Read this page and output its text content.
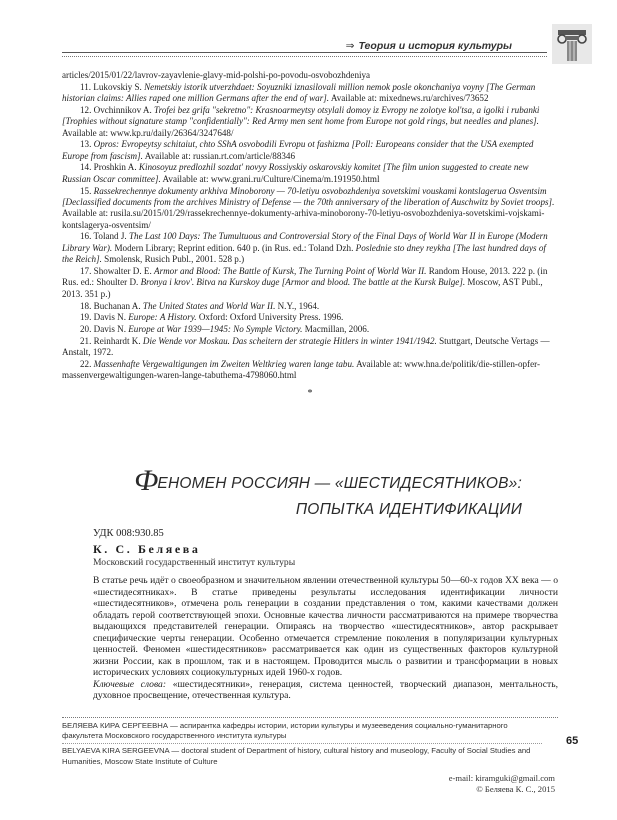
⇒ Теория и история культуры

articles/2015/01/22/lavrov-zayavlenie-glavy-mid-polshi-po-povodu-osvobozhdeniya

11. Lukovskiy S. Nemetskiy istorik utverzhdaet: Soyuzniki iznasilovali million nemok posle okonchaniya voyny [The German historian claims: Allies raped one million Germans after the end of war]. Available at: mixednews.ru/archives/73652

12. Ovchinnikov A. Trofei bez grifa "sekretno": Krasnoarmeytsy otsylali domoy iz Evropy ne zolotye kol'tsa, a igolki i rubanki [Trophies without signature stamp "confidentially": Red Army men sent home from Europe not gold rings, but needles and planes]. Available at: www.kp.ru/daily/26364/3247648/

13. Opros: Evropeytsy schitaiut, chto SShA osvobodili Evropu ot fashizma [Poll: Europeans consider that the USA exempted Europe from fascism]. Available at: russian.rt.com/article/88346

14. Proshkin A. Kinosoyuz predlozhil sozdat' novyy Rossiyskiy oskarovskiy komitet [The film union suggested to create new Russian Oscar committee]. Available at: www.grani.ru/Culture/Cinema/m.191950.html

15. Rassekrechennye dokumenty arkhiva Minoborony — 70-letiyu osvobozhdeniya sovetskimi vouskami kontslagerua Osventsim [Declassified documents from the archives Ministry of Defense — the 70th anniversary of the liberation of Auschwitz by Soviet troops]. Available at: rusila.su/2015/01/29/rassekrechennye-dokumenty-arhiva-minoborony-70-letiyu-osvobozhdeniya-sovetskimi-vojskami-kontslagerya-osventsim/

16. Toland J. The Last 100 Days: The Tumultuous and Controversial Story of the Final Days of World War II in Europe (Modern Library War). Modern Library; Reprint edition. 640 p. (in Rus. ed.: Toland Dzh. Poslednie sto dney reykha [The last hundred days of the Reich]. Smolensk, Rusich Publ., 2001. 528 p.)

17. Showalter D. E. Armor and Blood: The Battle of Kursk, The Turning Point of World War II. Random House, 2013. 222 p. (in Rus. ed.: Shoulter D. Bronya i krov'. Bitva na Kurskoy duge [Armor and blood. The battle at the Kursk Bulge]. Moscow, AST Publ., 2013. 351 p.)

18. Buchanan A. The United States and World War II. N.Y., 1964.

19. Davis N. Europe: A History. Oxford: Oxford University Press. 1996.

20. Davis N. Europe at War 1939—1945: No Symple Victory. Macmillan, 2006.

21. Reinhardt K. Die Wende vor Moskau. Das scheitern der strategie Hitlers in winter 1941/1942. Stuttgart, Deutsche Vertags — Anstalt, 1972.

22. Massenhafte Vergewaltigungen im Zweiten Weltkrieg waren lange tabu. Available at: www.hna.de/politik/die-stillen-opfer-massenvergewaltigungen-waren-lange-tabuthema-4798060.html

*

ФЕНОМЕН РОССИЯН — «ШЕСТИДЕСЯТНИКОВ»:
ПОПЫТКА ИДЕНТИФИКАЦИИ
УДК 008:930.85
К. С. Беляева
Московский государственный институт культуры

В статье речь идёт о своеобразном и значительном явлении отечественной культуры 50—60-х годов XX века — о «шестидесятниках». В статье приведены результаты исследования идентификации личности «шестидесятников», отмечена роль генерации в создании представления о том, какими качествами должен обладать герой соответствующей эпохи. Основные качества личности рассматриваются на примере творчества выдающихся представителей генерации. Опираясь на творчество «шестидесятников», автор раскрывает специфические черты генерации. Особенно отмечается стремление поколения в популяризации культурных ценностей. Феномен «шестидесятников» рассматривается как один из существенных факторов культурной жизни России, как в прошлом, так и в настоящем. Проводится мысль о развитии и трансформации в новых исторических условиях социокультурных идей 1960-х годов.

Ключевые слова: «шестидесятники», генерация, система ценностей, творческий диапазон, ментальность, духовное просвещение, отечественная культура.

БЕЛЯЕВА КИРА СЕРГЕЕВНА — аспирантка кафедры истории, истории культуры и музееведения социально-гуманитарного факультета Московского государственного института культуры

BELYAEVA KIRA SERGEEVNA — doctoral student of Department of history, cultural history and museology, Faculty of Social Studies and Humanities, Moscow State Institute of Culture

65
e-mail: kiramguki@gmail.com
© Беляева К. С., 2015
